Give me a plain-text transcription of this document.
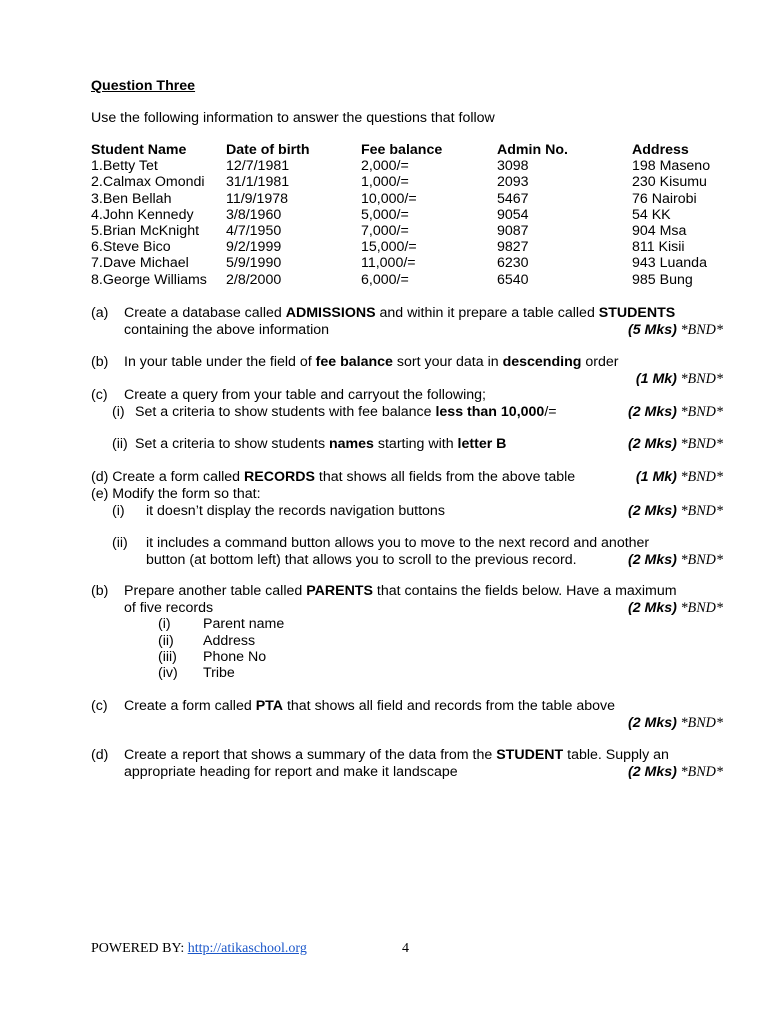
Question Three
Use the following information to answer the questions that follow
Student Name	Date of birth	Fee balance	Admin No.	Address
1.Betty Tet	12/7/1981	2,000/=	3098	198 Maseno
2.Calmax Omondi 31/1/1981	1,000/=	2093	230 Kisumu
3.Ben Bellah	11/9/1978	10,000/=	5467	76 Nairobi
4.John Kennedy 3/8/1960	5,000/=	9054	54 KK
5.Brian McKnight 4/7/1950	7,000/=	9087	904 Msa
6.Steve Bico	9/2/1999	15,000/=	9827	811 Kisii
7.Dave Michael	5/9/1990	11,000/=	6230	943 Luanda
8.George Williams 2/8/2000	6,000/=	6540	985 Bung
(a) Create a database called ADMISSIONS and within it prepare a table called STUDENTS
containing the above information	(5 Mks) *BND*
(b) In your table under the field of fee balance sort your data in descending order
(1 Mk) *BND*
(c) Create a query from your table and carryout the following;
(i) Set a criteria to show students with fee balance less than 10,000/=	(2 Mks) *BND*
(ii) Set a criteria to show students names starting with letter B	(2 Mks) *BND*
(d) Create a form called RECORDS that shows all fields from the above table	(1 Mk) *BND*
(e) Modify the form so that:
(i) it doesn’t display the records navigation buttons	(2 Mks) *BND*
(ii) it includes a command button allows you to move to the next record and another
button (at bottom left) that allows you to scroll to the previous record.	(2 Mks) *BND*
(b) Prepare another table called PARENTS that contains the fields below. Have a maximum
of five records	(2 Mks) *BND*
(i) Parent name
(ii) Address
(iii) Phone No
(iv) Tribe
(c) Create a form called PTA that shows all field and records from the table above
(2 Mks) *BND*
(d) Create a report that shows a summary of the data from the STUDENT table. Supply an
appropriate heading for report and make it landscape	(2 Mks) *BND*
POWERED BY: http://atikaschool.org	4
